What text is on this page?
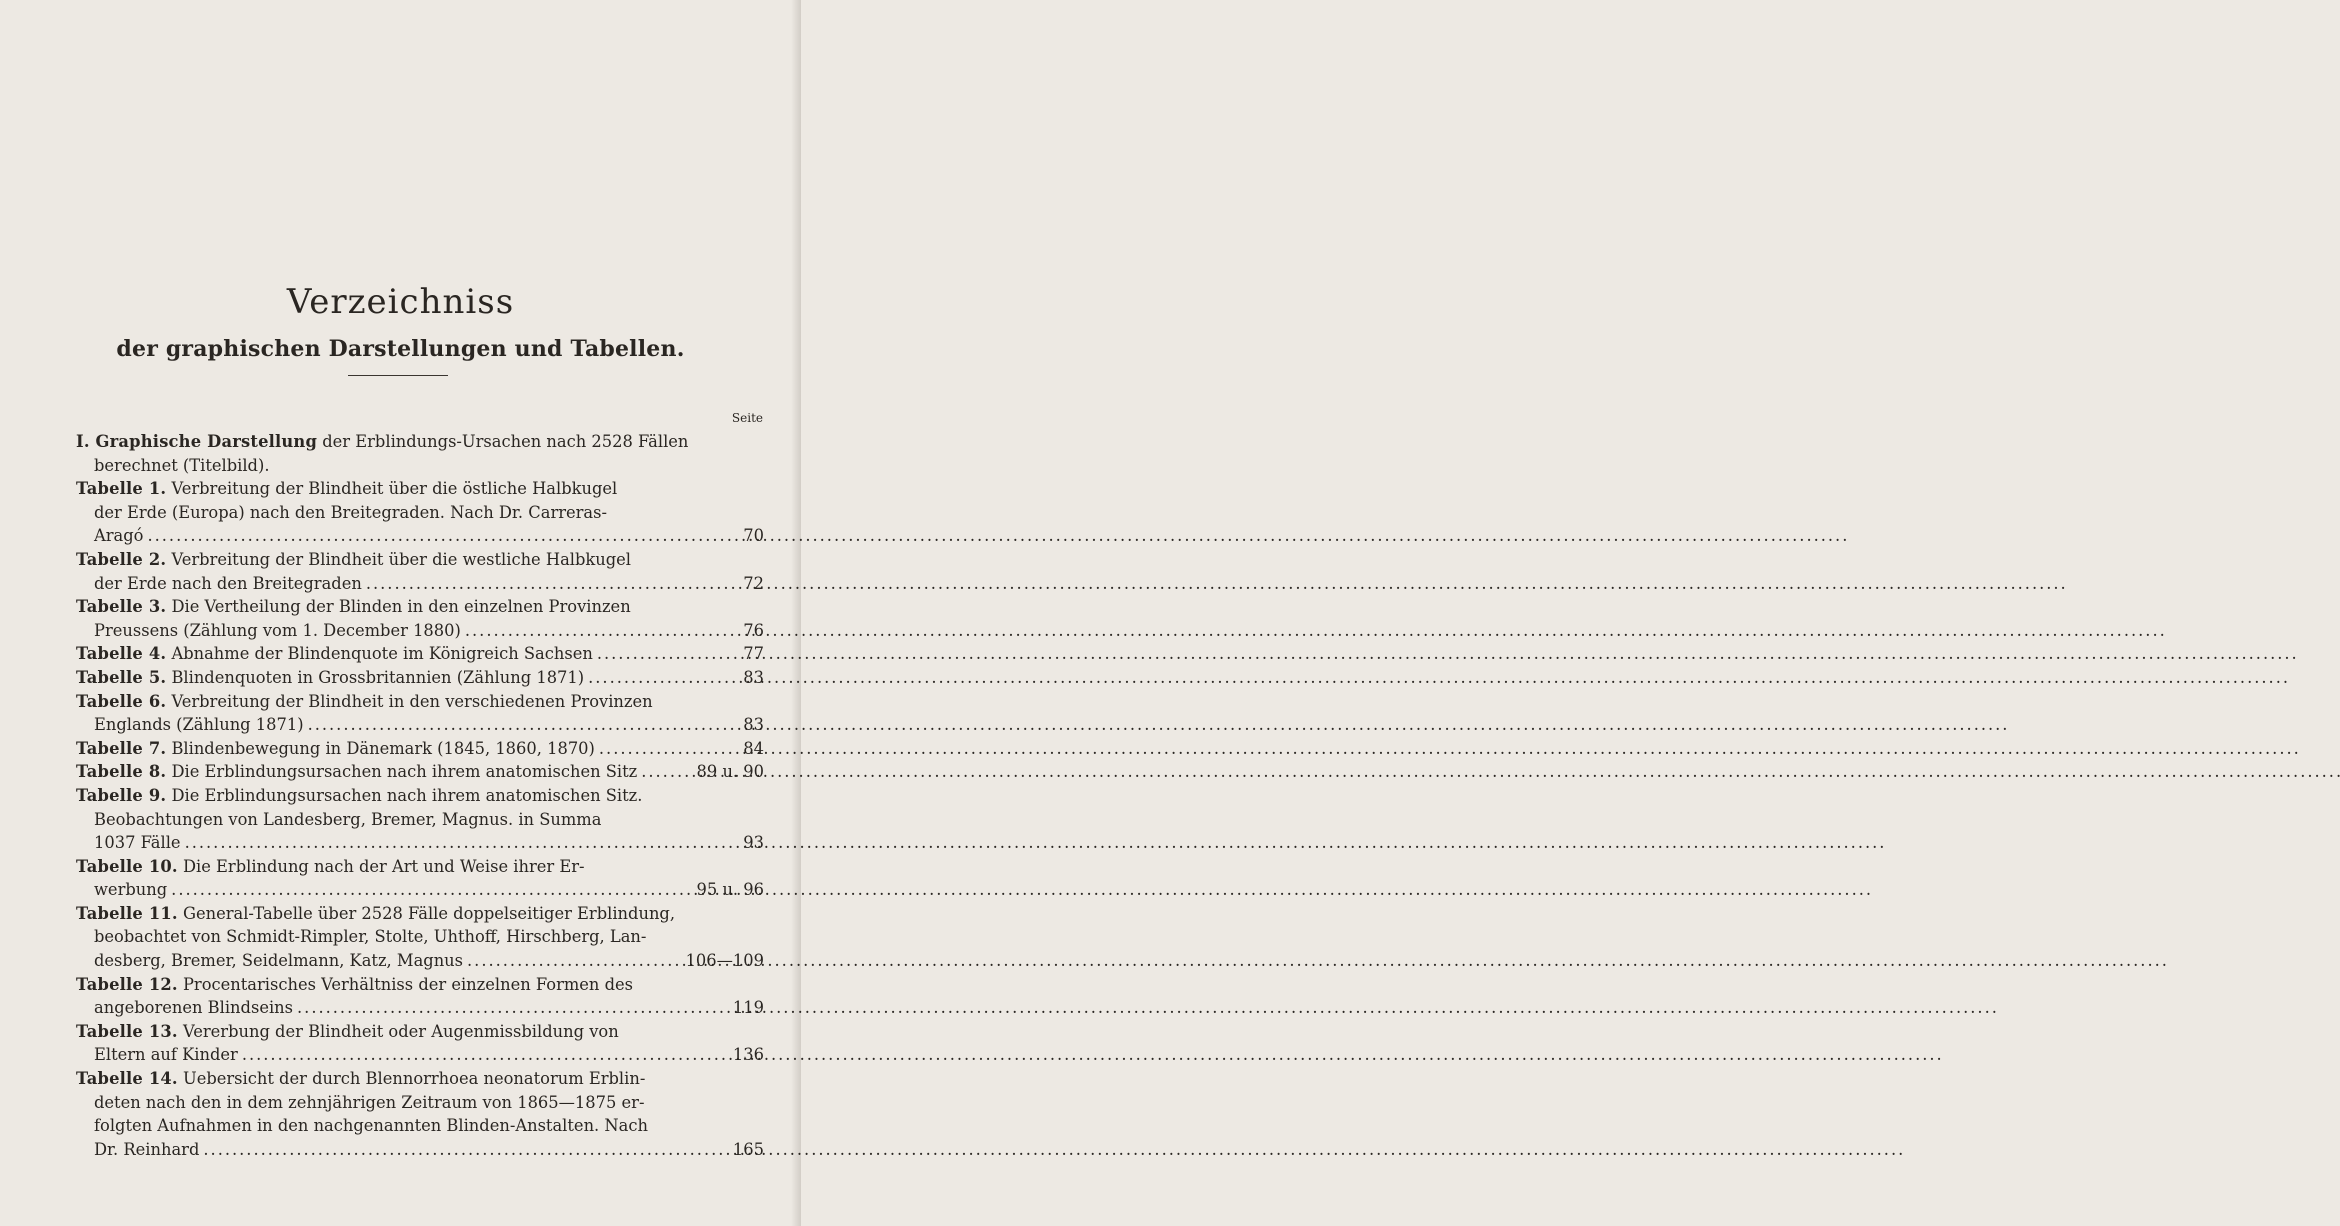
Verzeichniss
der graphischen Darstellungen und Tabellen.
Seite
I. Graphische Darstellung der Erblindungs-Ursachen nach 2528 Fällen
berechnet (Titelbild).
Tabelle 1. Verbreitung der Blindheit über die östliche Halbkugel
der Erde (Europa) nach den Breitegraden. Nach Dr. Carreras-
Aragó . . .	70
Tabelle 2. Verbreitung der Blindheit über die westliche Halbkugel
der Erde nach den Breitegraden . . .	72
Tabelle 3. Die Vertheilung der Blinden in den einzelnen Provinzen
Preussens (Zählung vom 1. December 1880) . . .	76
Tabelle 4. Abnahme der Blindenquote im Königreich Sachsen . . .	77
Tabelle 5. Blindenquoten in Grossbritannien (Zählung 1871) . . .	83
Tabelle 6. Verbreitung der Blindheit in den verschiedenen Provinzen
Englands (Zählung 1871) . . .	83
Tabelle 7. Blindenbewegung in Dänemark (1845, 1860, 1870) . . .	84
Tabelle 8. Die Erblindungsursachen nach ihrem anatomischen Sitz . . .	89 u. 90
Tabelle 9. Die Erblindungsursachen nach ihrem anatomischen Sitz.
Beobachtungen von Landesberg, Bremer, Magnus. in Summa
1037 Fälle . . .	93
Tabelle 10. Die Erblindung nach der Art und Weise ihrer Er-
werbung . . .	95 u. 96
Tabelle 11. General-Tabelle über 2528 Fälle doppelseitiger Erblindung,
beobachtet von Schmidt-Rimpler, Stolte, Uhthoff, Hirschberg, Lan-
desberg, Bremer, Seidelmann, Katz, Magnus . . .	106—109
Tabelle 12. Procentarisches Verhältniss der einzelnen Formen des
angeborenen Blindseins . . .	119
Tabelle 13. Vererbung der Blindheit oder Augenmissbildung von
Eltern auf Kinder . . .	136
Tabelle 14. Uebersicht der durch Blennorrhoea neonatorum Erblin-
deten nach den in dem zehnjährigen Zeitraum von 1865—1875 er-
folgten Aufnahmen in den nachgenannten Blinden-Anstalten. Nach
Dr. Reinhard . . .	165
